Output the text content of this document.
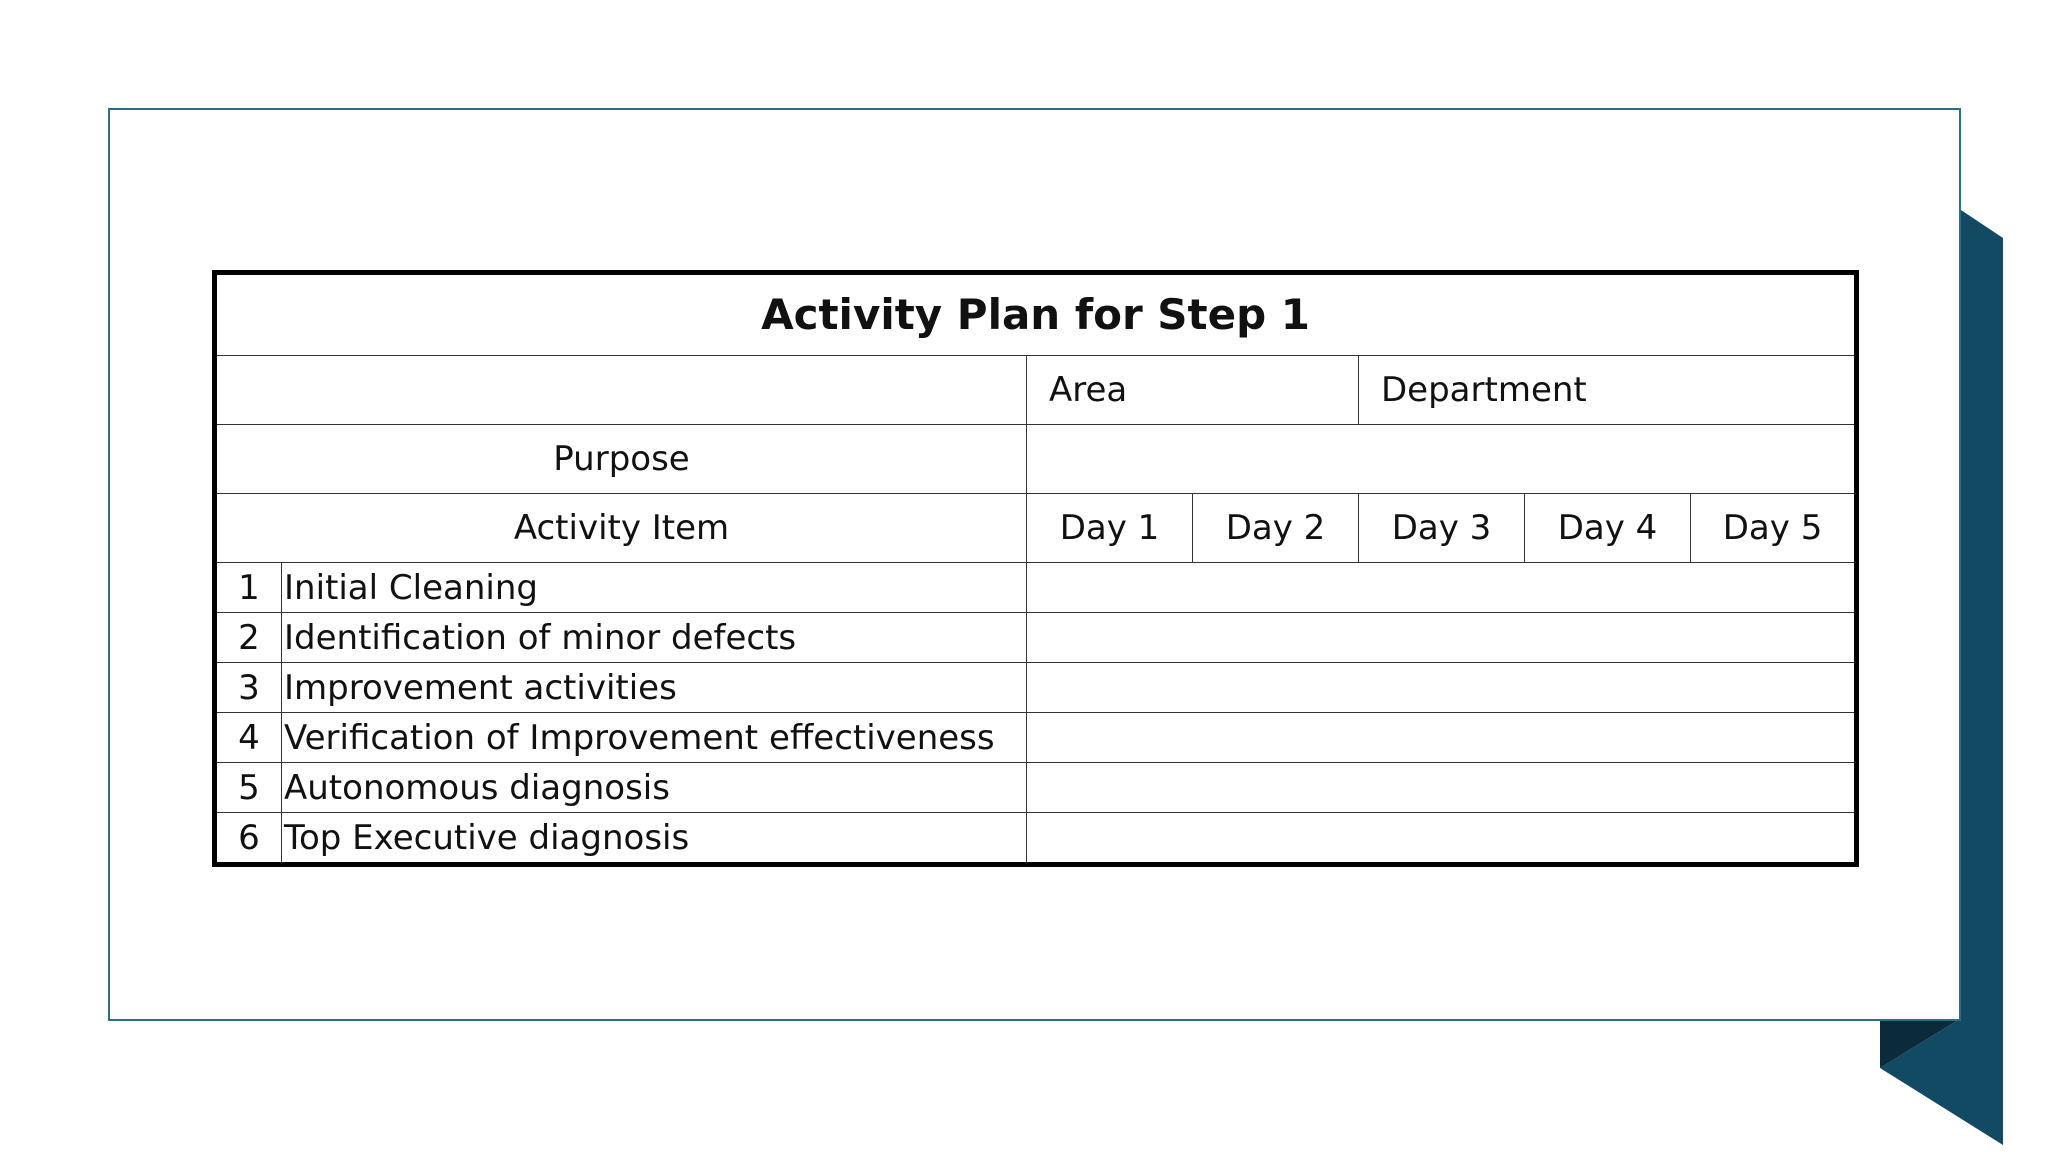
Activity Plan for Step 1						
		Area		Department		
Purpose						
Activity Item		Day 1	Day 2	Day 3	Day 4	Day 5
1	Initial Cleaning					
2	Identification of minor defects					
3	Improvement activities					
4	Verification of Improvement effectiveness					
5	Autonomous diagnosis					
6	Top Executive diagnosis					
